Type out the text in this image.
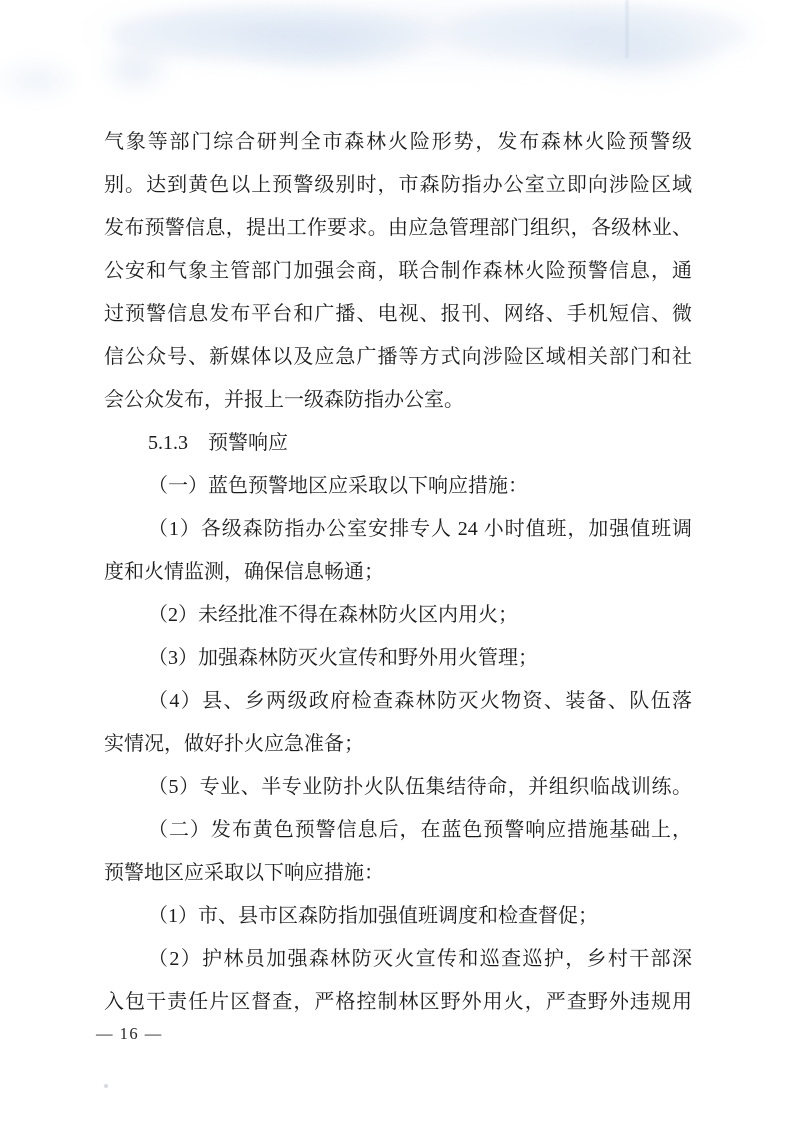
气象等部门综合研判全市森林火险形势，发布森林火险预警级
别。达到黄色以上预警级别时，市森防指办公室立即向涉险区域
发布预警信息，提出工作要求。由应急管理部门组织，各级林业、
公安和气象主管部门加强会商，联合制作森林火险预警信息，通
过预警信息发布平台和广播、电视、报刊、网络、手机短信、微
信公众号、新媒体以及应急广播等方式向涉险区域相关部门和社
会公众发布，并报上一级森防指办公室。
5.1.3　预警响应
（一）蓝色预警地区应采取以下响应措施：
（1）各级森防指办公室安排专人 24 小时值班，加强值班调
度和火情监测，确保信息畅通；
（2）未经批准不得在森林防火区内用火；
（3）加强森林防灭火宣传和野外用火管理；
（4）县、乡两级政府检查森林防灭火物资、装备、队伍落
实情况，做好扑火应急准备；
（5）专业、半专业防扑火队伍集结待命，并组织临战训练。
（二）发布黄色预警信息后，在蓝色预警响应措施基础上，
预警地区应采取以下响应措施：
（1）市、县市区森防指加强值班调度和检查督促；
（2）护林员加强森林防灭火宣传和巡查巡护，乡村干部深
入包干责任片区督查，严格控制林区野外用火，严查野外违规用
— 16 —
